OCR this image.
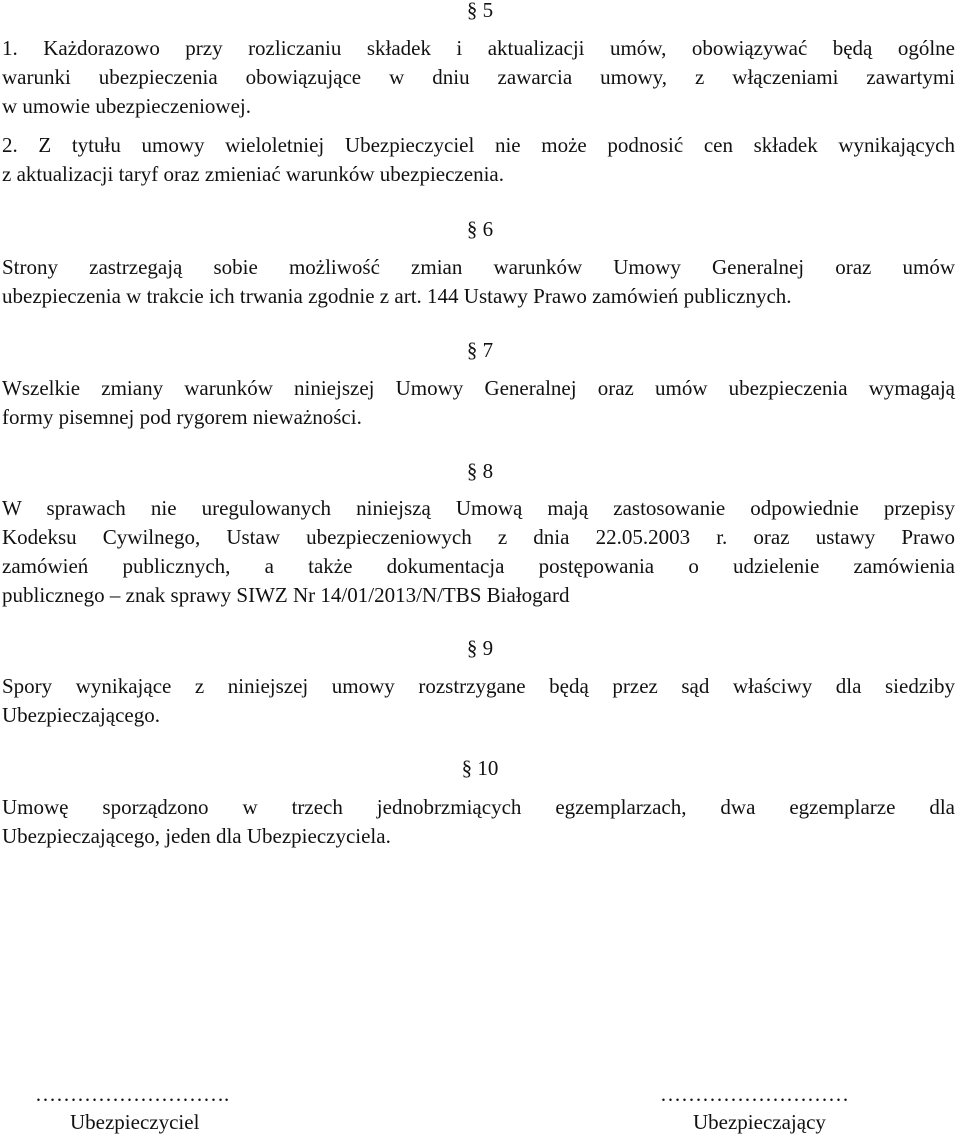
§ 5
1. Każdorazowo przy rozliczaniu składek i aktualizacji umów, obowiązywać będą ogólne
warunki ubezpieczenia obowiązujące w dniu zawarcia umowy, z włączeniami zawartymi
w umowie ubezpieczeniowej.
2. Z tytułu umowy wieloletniej Ubezpieczyciel nie może podnosić cen składek wynikających
z aktualizacji taryf oraz zmieniać warunków ubezpieczenia.
§ 6
Strony zastrzegają sobie możliwość zmian warunków Umowy Generalnej oraz umów
ubezpieczenia w trakcie ich trwania zgodnie z art. 144 Ustawy Prawo zamówień publicznych.
§ 7
Wszelkie zmiany warunków niniejszej Umowy Generalnej oraz umów ubezpieczenia wymagają
formy pisemnej pod rygorem nieważności.
§ 8
W sprawach nie uregulowanych niniejszą Umową mają zastosowanie odpowiednie przepisy
Kodeksu Cywilnego, Ustaw ubezpieczeniowych z dnia 22.05.2003 r. oraz ustawy Prawo
zamówień publicznych, a także dokumentacja postępowania o udzielenie zamówienia
publicznego – znak sprawy SIWZ Nr 14/01/2013/N/TBS Białogard
§ 9
Spory wynikające z niniejszej umowy rozstrzygane będą przez sąd właściwy dla siedziby
Ubezpieczającego.
§ 10
Umowę sporządzono w trzech jednobrzmiących egzemplarzach, dwa egzemplarze dla
Ubezpieczającego, jeden dla Ubezpieczyciela.
……………………….
Ubezpieczyciel
………………………
Ubezpieczający
